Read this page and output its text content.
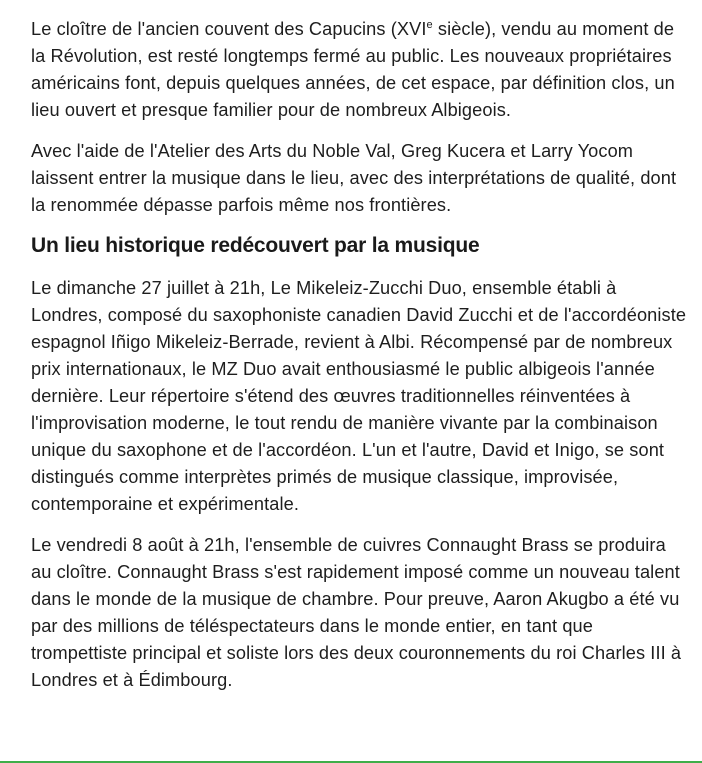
Le cloître de l'ancien couvent des Capucins (XVIe siècle), vendu au moment de la Révolution, est resté longtemps fermé au public. Les nouveaux propriétaires américains font, depuis quelques années, de cet espace, par définition clos, un lieu ouvert et presque familier pour de nombreux Albigeois.

Avec l'aide de l'Atelier des Arts du Noble Val, Greg Kucera et Larry Yocom laissent entrer la musique dans le lieu, avec des interprétations de qualité, dont la renommée dépasse parfois même nos frontières.

Un lieu historique redécouvert par la musique

Le dimanche 27 juillet à 21h, Le Mikeleiz-Zucchi Duo, ensemble établi à Londres, composé du saxophoniste canadien David Zucchi et de l'accordéoniste espagnol Iñigo Mikeleiz-Berrade, revient à Albi. Récompensé par de nombreux prix internationaux, le MZ Duo avait enthousiasmé le public albigeois l'année dernière. Leur répertoire s'étend des œuvres traditionnelles réinventées à l'improvisation moderne, le tout rendu de manière vivante par la combinaison unique du saxophone et de l'accordéon. L'un et l'autre, David et Inigo, se sont distingués comme interprètes primés de musique classique, improvisée, contemporaine et expérimentale.

Le vendredi 8 août à 21h, l'ensemble de cuivres Connaught Brass se produira au cloître. Connaught Brass s'est rapidement imposé comme un nouveau talent dans le monde de la musique de chambre. Pour preuve, Aaron Akugbo a été vu par des millions de téléspectateurs dans le monde entier, en tant que trompettiste principal et soliste lors des deux couronnements du roi Charles III à Londres et à Édimbourg.
